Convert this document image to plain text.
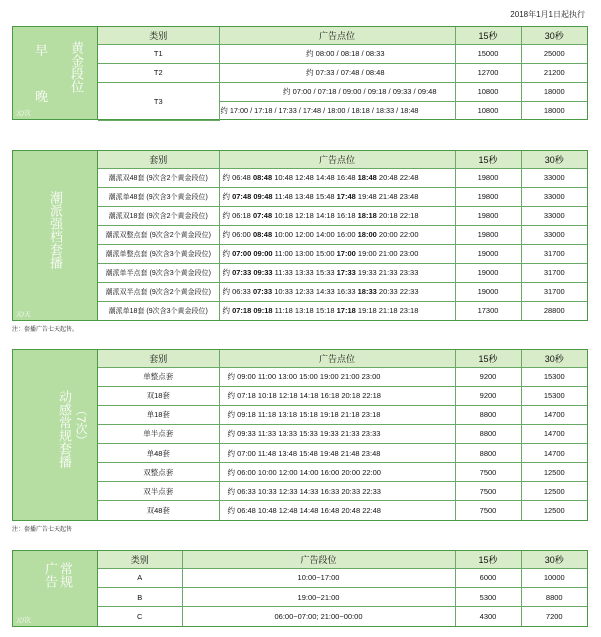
2018年1月1日起执行
早
晚
黄金段位
元/次
类别	广告点位	15秒	30秒
T1	约 08:00 / 08:18 / 08:33	15000	25000
T2	约 07:33 / 07:48 / 08:48	12700	21200
T3	约 07:00 / 07:18 / 09:00 / 09:18 / 09:33 / 09:48	10800	18000
	约 17:00 / 17:18 / 17:33 / 17:48 / 18:00 / 18:18 / 18:33 / 18:48	10800	18000
潮派强档套播
元/天
套别	广告点位	15秒	30秒
潮派双48套 (9次含2个黄金段位)	约 06:48 08:48 10:48 12:48 14:48 16:48 18:48 20:48 22:48	19800	33000
潮派单48套 (9次含3个黄金段位)	约 07:48 09:48 11:48 13:48 15:48 17:48 19:48 21:48 23:48	19800	33000
潮派双18套 (9次含2个黄金段位)	约 06:18 07:48 10:18 12:18 14:18 16:18 18:18 20:18 22:18	19800	33000
潮派双整点套 (9次含2个黄金段位)	约 06:00 08:48 10:00 12:00 14:00 16:00 18:00 20:00 22:00	19800	33000
潮派单整点套 (9次含3个黄金段位)	约 07:00 09:00 11:00 13:00 15:00 17:00 19:00 21:00 23:00	19000	31700
潮派单半点套 (9次含3个黄金段位)	约 07:33 09:33 11:33 13:33 15:33 17:33 19:33 21:33 23:33	19000	31700
潮派双半点套 (9次含2个黄金段位)	约 06:33 07:33 10:33 12:33 14:33 16:33 18:33 20:33 22:33	19000	31700
潮派单18套 (9次含3个黄金段位)	约 07:18 09:18 11:18 13:18 15:18 17:18 19:18 21:18 23:18	17300	28800
注：套播广告七天起售。
动感常规套播 （7次）
套别	广告点位	15秒	30秒
单整点套	约 09:00 11:00 13:00 15:00 19:00 21:00 23:00	9200	15300
双18套	约 07:18 10:18 12:18 14:18 16:18 20:18 22:18	9200	15300
单18套	约 09:18 11:18 13:18 15:18 19:18 21:18 23:18	8800	14700
单半点套	约 09:33 11:33 13:33 15:33 19:33 21:33 23:33	8800	14700
单48套	约 07:00 11:48 13:48 15:48 19:48 21:48 23:48	8800	14700
双整点套	约 06:00 10:00 12:00 14:00 16:00 20:00 22:00	7500	12500
双半点套	约 06:33 10:33 12:33 14:33 16:33 20:33 22:33	7500	12500
双48套	约 06:48 10:48 12:48 14:48 16:48 20:48 22:48	7500	12500
注：套播广告七天起售
常规广告
元/次
类别	广告段位	15秒	30秒
A	10:00~17:00	6000	10000
B	19:00~21:00	5300	8800
C	06:00~07:00; 21:00~00:00	4300	7200
